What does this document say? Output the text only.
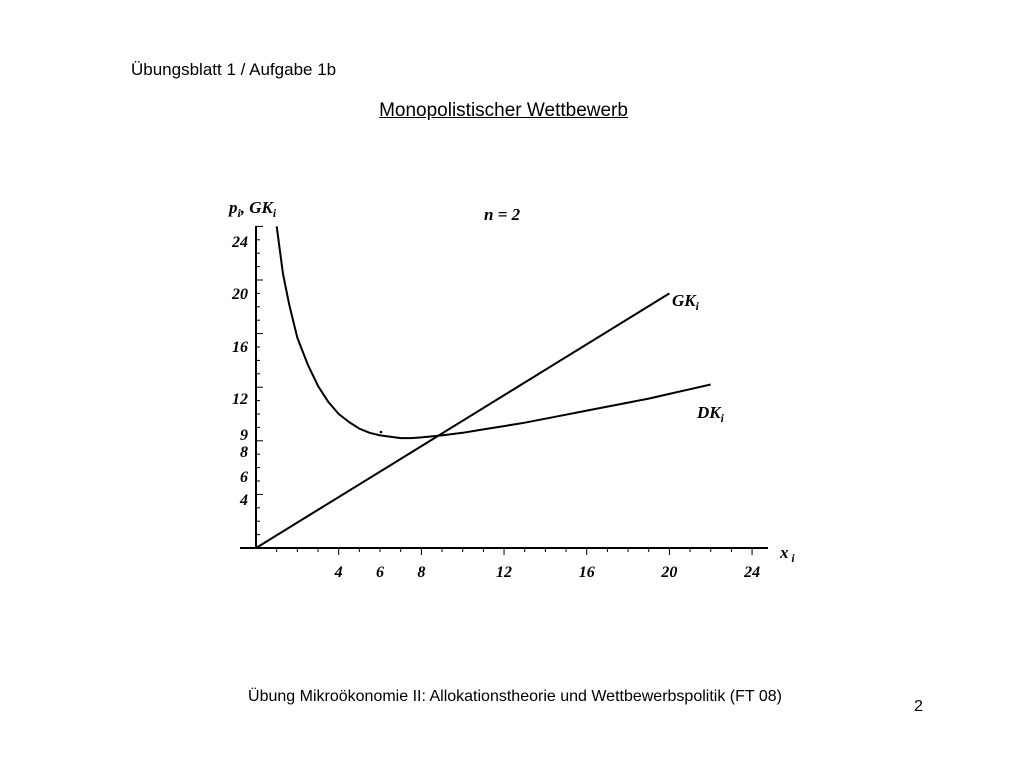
Übungsblatt 1 / Aufgabe 1b
Monopolistischer Wettbewerb
4 6 8	12	16	20	24
4
6
8
9
12
16
20
24
$GK_i$
$DK_i$
$p_i$, $GK_i$
x $_i$
n = 2
Übung Mikroökonomie II: Allokationstheorie und Wettbewerbspolitik (FT 08)
2
